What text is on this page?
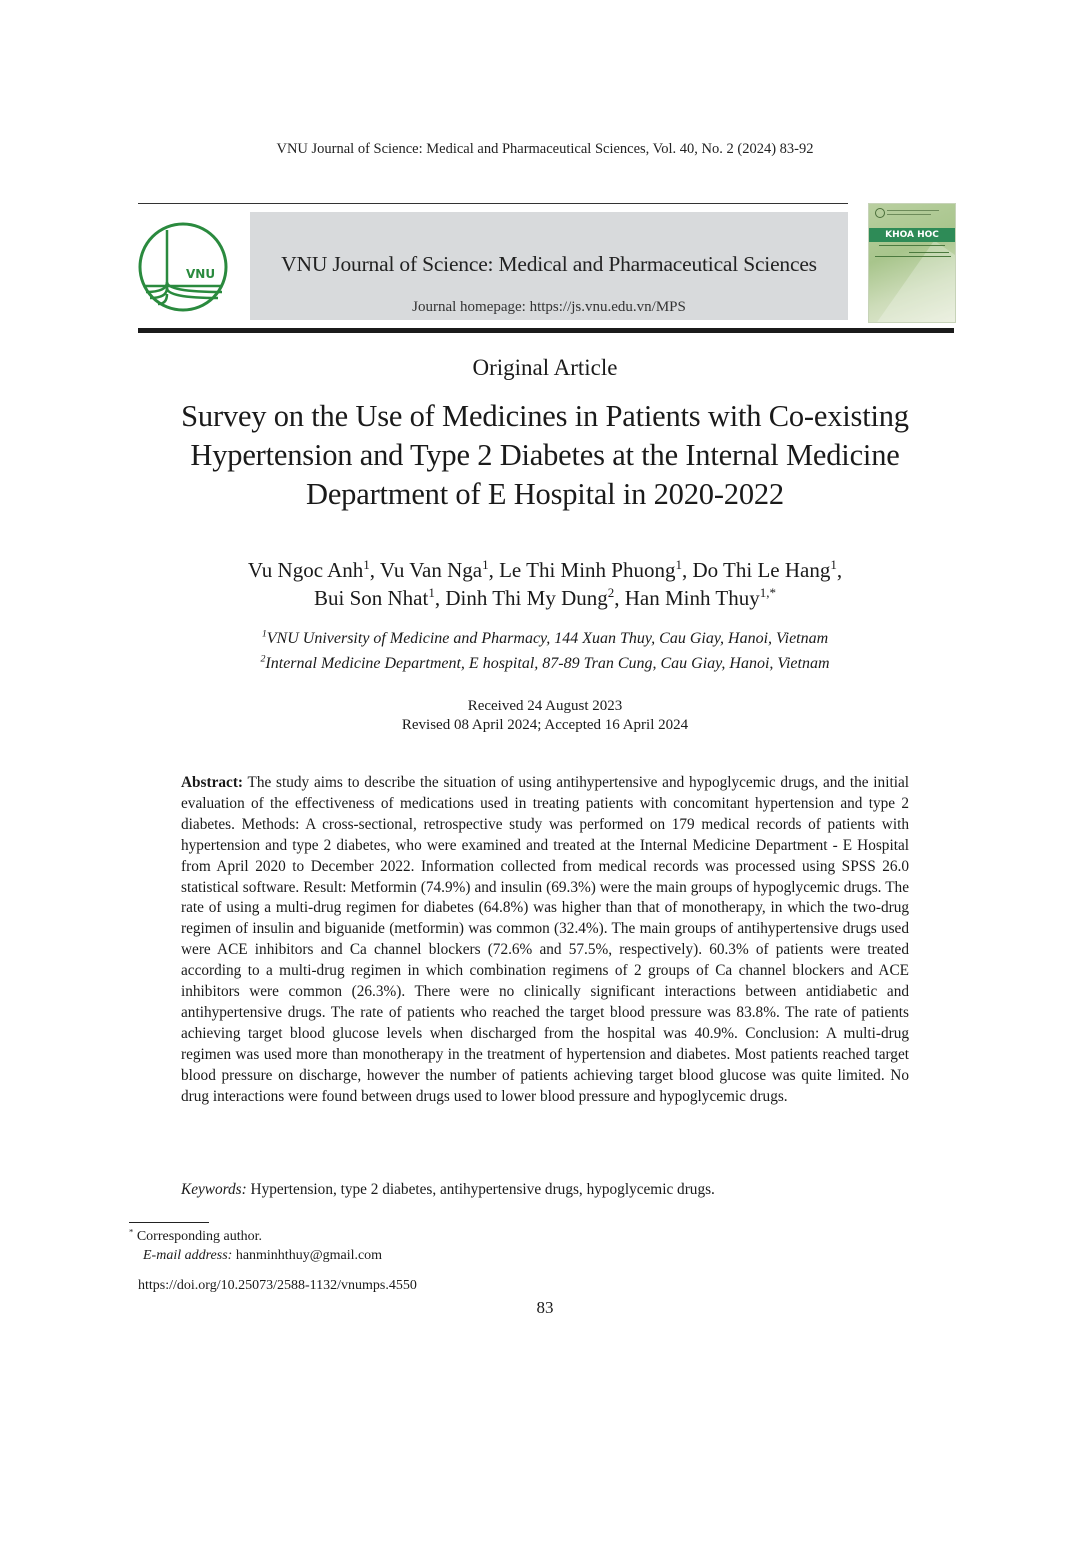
VNU Journal of Science: Medical and Pharmaceutical Sciences, Vol. 40, No. 2 (2024) 83-92
VNU	VNU Journal of Science: Medical and Pharmaceutical Sciences
Journal homepage: https://js.vnu.edu.vn/MPS
KHOA HOC
Original Article
Survey on the Use of Medicines in Patients with Co-existing
Hypertension and Type 2 Diabetes at the Internal Medicine
Department of E Hospital in 2020-2022
Vu Ngoc Anh$^1$, Vu Van Nga$^1$, Le Thi Minh Phuong$^1$, Do Thi Le Hang$^1$,
Bui Son Nhat$^1$, Dinh Thi My Dung$^2$, Han Minh Thuy$^{1,*}$
$^1$VNU University of Medicine and Pharmacy, 144 Xuan Thuy, Cau Giay, Hanoi, Vietnam
$^2$Internal Medicine Department, E hospital, 87-89 Tran Cung, Cau Giay, Hanoi, Vietnam
Received 24 August 2023
Revised 08 April 2024; Accepted 16 April 2024
Abstract: The study aims to describe the situation of using antihypertensive and hypoglycemic drugs, and the initial evaluation of the effectiveness of medications used in treating patients with concomitant hypertension and type 2 diabetes. Methods: A cross-sectional, retrospective study was performed on 179 medical records of patients with hypertension and type 2 diabetes, who were examined and treated at the Internal Medicine Department - E Hospital from April 2020 to December 2022. Information collected from medical records was processed using SPSS 26.0 statistical software. Result: Metformin (74.9%) and insulin (69.3%) were the main groups of hypoglycemic drugs. The rate of using a multi-drug regimen for diabetes (64.8%) was higher than that of monotherapy, in which the two-drug regimen of insulin and biguanide (metformin) was common (32.4%). The main groups of antihypertensive drugs used were ACE inhibitors and Ca channel blockers (72.6% and 57.5%, respectively). 60.3% of patients were treated according to a multi-drug regimen in which combination regimens of 2 groups of Ca channel blockers and ACE inhibitors were common (26.3%). There were no clinically significant interactions between antidiabetic and antihypertensive drugs. The rate of patients who reached the target blood pressure was 83.8%. The rate of patients achieving target blood glucose levels when discharged from the hospital was 40.9%. Conclusion: A multi-drug regimen was used more than monotherapy in the treatment of hypertension and diabetes. Most patients reached target blood pressure on discharge, however the number of patients achieving target blood glucose was quite limited. No drug interactions were found between drugs used to lower blood pressure and hypoglycemic drugs.
Keywords: Hypertension, type 2 diabetes, antihypertensive drugs, hypoglycemic drugs.
* Corresponding author.
E-mail address: hanminhthuy@gmail.com
https://doi.org/10.25073/2588-1132/vnumps.4550
83
